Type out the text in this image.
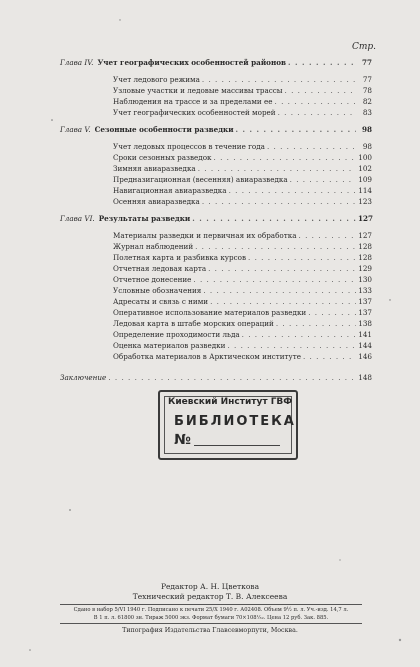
Стр.
Глава IV. Учет географических особенностей районов . . .	77
Учет ледового режима . . .	77
Узловые участки и ледовые массивы трассы . . .	78
Наблюдения на трассе и за пределами ее . . .	82
Учет географических особенностей морей . . .	83
Глава V. Сезонные особенности разведки . . .	98
Учет ледовых процессов в течение года . . .	98
Сроки сезонных разведок . . .	100
Зимняя авиаразведка . . .	102
Предназигационная (весенняя) авиаразведка . . .	109
Навигационная авиаразведка . . .	114
Осенняя авиаразведка . . .	123
Глава VI. Результаты разведки . . .	127
Материалы разведки и первичная их обработка . . .	127
Журнал наблюдений . . .	128
Полетная карта и разбивка курсов . . .	128
Отчетная ледовая карта . . .	129
Отчетное донесение . . .	130
Условные обозначения . . .	133
Адресаты и связь с ними . . .	137
Оперативное использование материалов разведки . . .	137
Ледовая карта в штабе морских операций . . .	138
Определение проходимости льда . . .	141
Оценка материалов разведки . . .	144
Обработка материалов в Арктическом институте . . .	146
Заключение . . .	148
Киевский Институт ГВФ
БИБЛИОТЕКА
№
Редактор А. Н. Цветкова
Технический редактор Т. В. Алексеева
Сдано в набор 5/VI 1940 г. Подписано к печати 25/X 1940 г. А02408. Объем 9½ п. л. Уч.-изд. 14,7 л.
В 1 п. л. 61800 зн. Тираж 5000 экз. Формат бумаги 70×108⅟₃₂. Цена 12 руб. Зак. 885.
Типография Издательства Главсевморпути, Москва.
